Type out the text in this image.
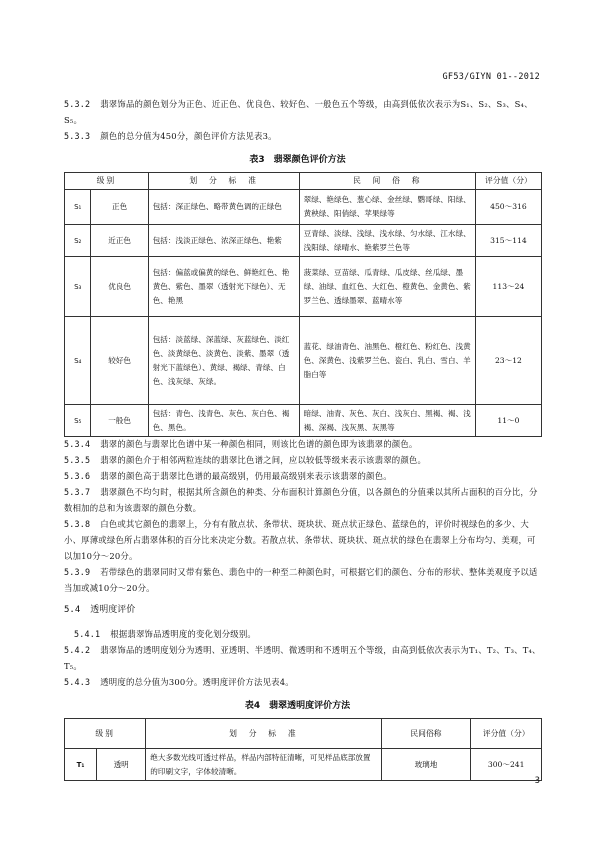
GF53/GIYN 01--2012
5.3.2 翡翠饰品的颜色划分为正色、近正色、优良色、较好色、一般色五个等级，由高到低依次表示为S₁、S₂、S₃、S₄、S₅。
5.3.3 颜色的总分值为450分，颜色评价方法见表3。
表3　翡翠颜色评价方法
级别		划　分　标　准	民　间　俗　称	评分值（分）
S₁	正色	包括：深正绿色、略带黄色调的正绿色	翠绿、艳绿色、葱心绿、金丝绿、鹦哥绿、阳绿、黄秧绿、阳俏绿、苹果绿等	450～316
S₂	近正色	包括：浅淡正绿色、浓深正绿色、艳紫	豆青绿、淡绿、浅绿、浅水绿、匀水绿、江水绿、浅阳绿、绿晴水、艳紫罗兰色等	315～114
S₃	优良色	包括：偏蓝或偏黄的绿色、鲜艳红色、艳黄色、紫色、墨翠（透射光下绿色）、无色、艳黑	菠菜绿、豆苗绿、瓜青绿、瓜皮绿、丝瓜绿、墨绿、油绿、血红色、大红色、橙黄色、金黄色、紫罗兰色、透绿墨翠、蓝晴水等	113～24
S₄	较好色	包括：淡蓝绿、深蓝绿、灰蓝绿色、淡红色、淡黄绿色、淡黄色、淡紫、墨翠（透射光下蓝绿色）、黄绿、褐绿、青绿、白色、浅灰绿、灰绿。	蓝花、绿油青色、油黑色、橙红色、粉红色、浅黄色、深黄色、浅紫罗兰色、瓷白、乳白、雪白、羊脂白等	23～12
S₅	一般色	包括：青色、浅青色、灰色、灰白色、褐色、黑色。	暗绿、油青、灰色、灰白、浅灰白、黑褐、褐、浅褐、深褐、浅灰黑、灰黑等	11～0
5.3.4 翡翠的颜色与翡翠比色谱中某一种颜色相同，则该比色谱的颜色即为该翡翠的颜色。
5.3.5 翡翠的颜色介于相邻两粒连续的翡翠比色谱之间，应以较低等级来表示该翡翠的颜色。
5.3.6 翡翠的颜色高于翡翠比色谱的最高级别，仍用最高级别来表示该翡翠的颜色。
5.3.7 翡翠颜色不均匀时，根据其所含颜色的种类、分布面积计算颜色分值，以各颜色的分值乘以其所占面积的百分比，分数相加的总和为该翡翠的颜色分数。
5.3.8 白色或其它颜色的翡翠上，分有有散点状、条带状、斑块状、斑点状正绿色、蓝绿色的，评价时视绿色的多少、大小、厚薄或绿色所占翡翠体积的百分比来决定分数。若散点状、条带状、斑块状、斑点状的绿色在翡翠上分布均匀、美观，可以加10分～20分。
5.3.9 若带绿色的翡翠同时又带有紫色、翡色中的一种至二种颜色时，可根据它们的颜色、分布的形状、整体美观度予以适当加或减10分～20分。
5.4 透明度评价
5.4.1 根据翡翠饰品透明度的变化划分级别。
5.4.2 翡翠饰品的透明度划分为透明、亚透明、半透明、微透明和不透明五个等级，由高到低依次表示为T₁、T₂、T₃、T₄、T₅。
5.4.3 透明度的总分值为300分。透明度评价方法见表4。
表4　翡翠透明度评价方法
级别		划　分　标　准	民间俗称	评分值（分）
T₁	透明	绝大多数光线可透过样品，样品内部特征清晰，可见样品底部放置的印刷文字，字体较清晰。	玻璃地	300～241
3
